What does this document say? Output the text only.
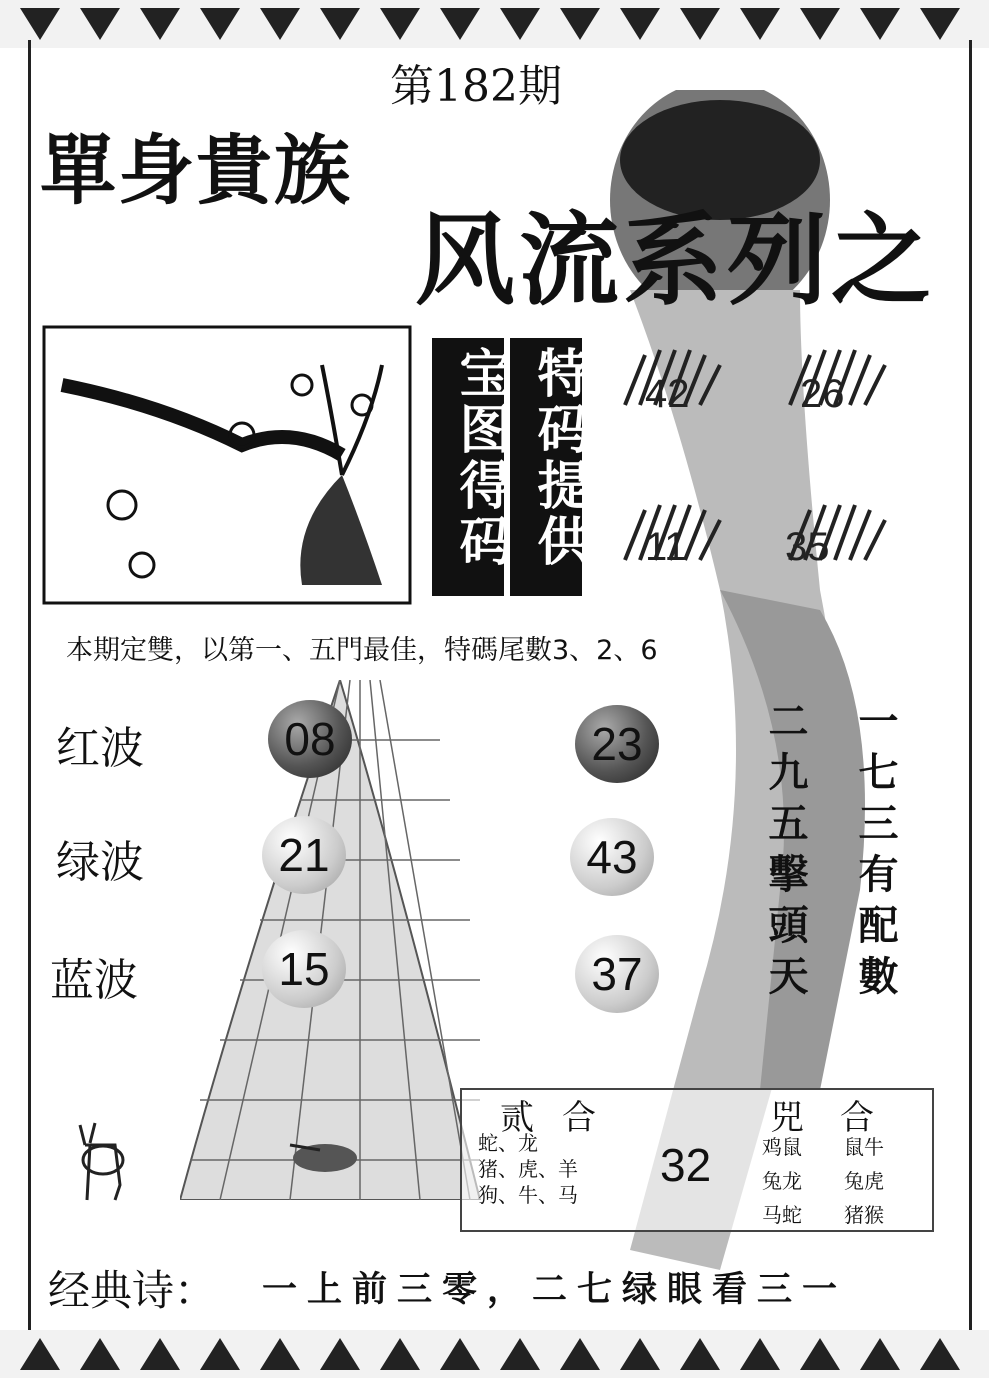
第182期
單身貴族
风流系列之
宝图得码 特码提供 42	26
11 35
本期定雙，以第一、五門最佳，特碼尾數3、2、6
红波	08	23
绿波	21	43
蓝波	15	37	二九五擊頭天 一七三有配數
贰合
蛇、龙
猪、虎、羊
狗、牛、马
32
兕合
鸡鼠 鼠牛
兔龙 兔虎
马蛇 猪猴
经典诗： 一上前三零，二七绿眼看三一
